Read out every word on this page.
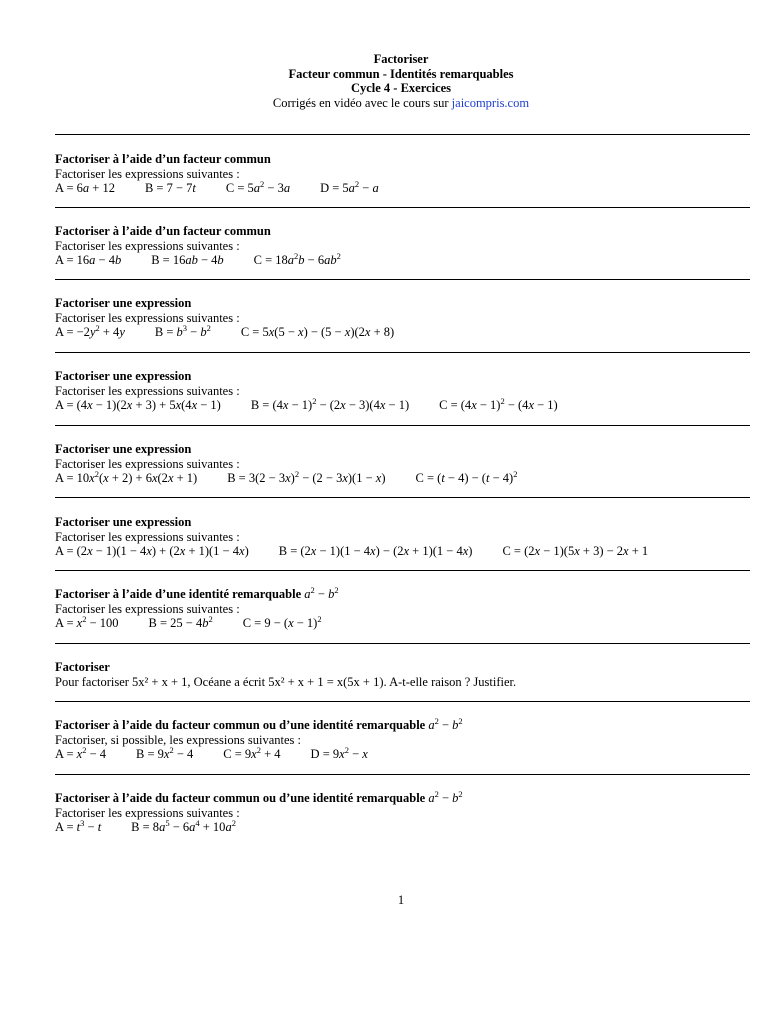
Factoriser
Facteur commun - Identités remarquables
Cycle 4 - Exercices
Corrigés en vidéo avec le cours sur jaicompris.com
Factoriser à l’aide d’un facteur commun
Factoriser les expressions suivantes :
A = 6a + 12 B = 7 − 7t $C = 5a^2 - 3a$ $D = 5a^2 - a$
Factoriser à l’aide d’un facteur commun
Factoriser les expressions suivantes :
A = 16a − 4b B = 16ab − 4b $C = 18a^2b - 6ab^2$
Factoriser une expression
Factoriser les expressions suivantes :
$A = -2y^2 + 4y$ $B = b^3 - b^2$ C = 5x(5 − x) − (5 − x)(2x + 8)
Factoriser une expression
Factoriser les expressions suivantes :
A = (4x − 1)(2x + 3) + 5x(4x − 1) $B = (4x - 1)^2 - (2x - 3)(4x - 1)$ $C = (4x - 1)^2 - (4x - 1)$
Factoriser une expression
Factoriser les expressions suivantes :
$A = 10x^2(x + 2) + 6x(2x + 1) B = 3(2 - 3x)^2 - (2 - 3x)(1 - x) C = (t - 4) - (t - 4)^2$
Factoriser une expression
Factoriser les expressions suivantes :
A = (2x − 1)(1 − 4x) + (2x + 1)(1 − 4x) B = (2x − 1)(1 − 4x) − (2x + 1)(1 − 4x) C = (2x − 1)(5x + 3) − 2x + 1
Factoriser à l’aide d’une identité remarquable $a^2 - b^2$
Factoriser les expressions suivantes :
$A = x^2 - 100$ $B = 25 - 4b^2$ $C = 9 - (x - 1)^2$
Factoriser
Pour factoriser 5x² + x + 1, Océane a écrit 5x² + x + 1 = x(5x + 1). A-t-elle raison ? Justifier.
Factoriser à l’aide du facteur commun ou d’une identité remarquable $a^2 - b^2$
Factoriser, si possible, les expressions suivantes :
$A = x^2 - 4$ $B = 9x^2 - 4$ $C = 9x^2 + 4$ $D = 9x^2 - x$
Factoriser à l’aide du facteur commun ou d’une identité remarquable $a^2 - b^2$
Factoriser les expressions suivantes :
$A = t^3 - t$ $B = 8a^5 - 6a^4 + 10a^2$
1
